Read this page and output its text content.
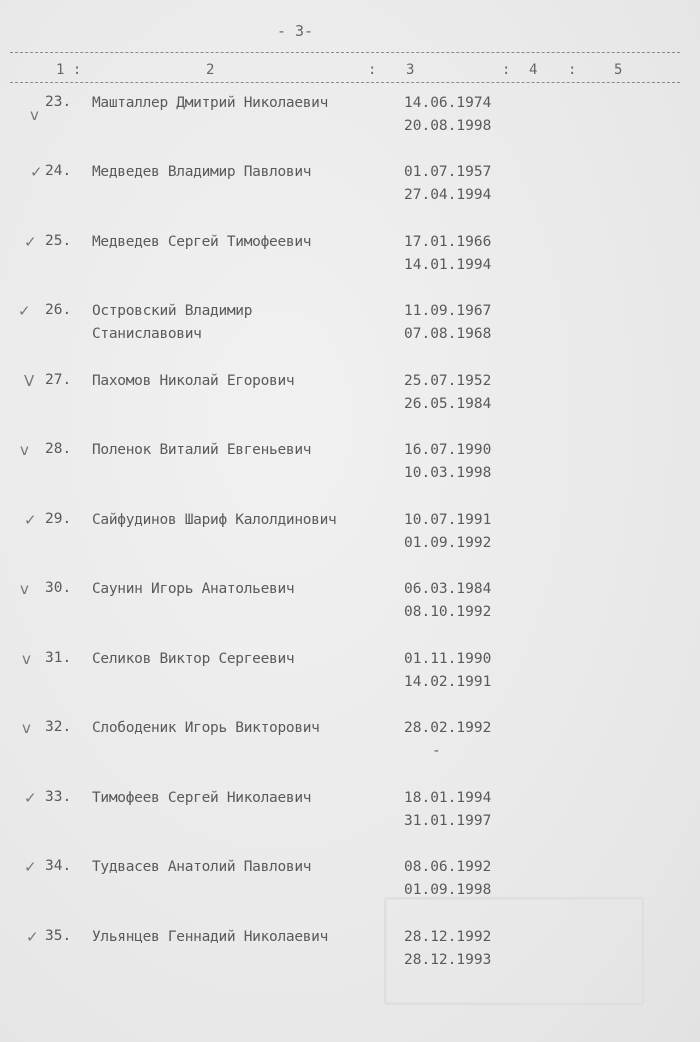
- 3-
1 :	2	: 3	: 4 :	5
v
23. Машталлер Дмитрий Николаевич	14.06.1974
20.08.1998
✓ 24. Медведев Владимир Павлович	01.07.1957
27.04.1994
✓ 25. Медведев Сергей Тимофеевич	17.01.1966
14.01.1994
✓ 26. Островский Владимир
Станиславович
11.09.1967
07.08.1968
V 27. Пахомов Николай Егорович	25.07.1952
26.05.1984
v 28. Поленок Виталий Евгеньевич	16.07.1990
10.03.1998
✓ 29. Сайфудинов Шариф Калолдинович	10.07.1991
01.09.1992
v 30. Саунин Игорь Анатольевич	06.03.1984
08.10.1992
v 31. Селиков Виктор Сергеевич	01.11.1990
14.02.1991
v 32. Слободеник Игорь Викторович	28.02.1992
-
✓ 33. Тимофеев Сергей Николаевич	18.01.1994
31.01.1997
✓ 34. Тудвасев Анатолий Павлович	08.06.1992
01.09.1998
✓ 35. Ульянцев Геннадий Николаевич	28.12.1992
28.12.1993
